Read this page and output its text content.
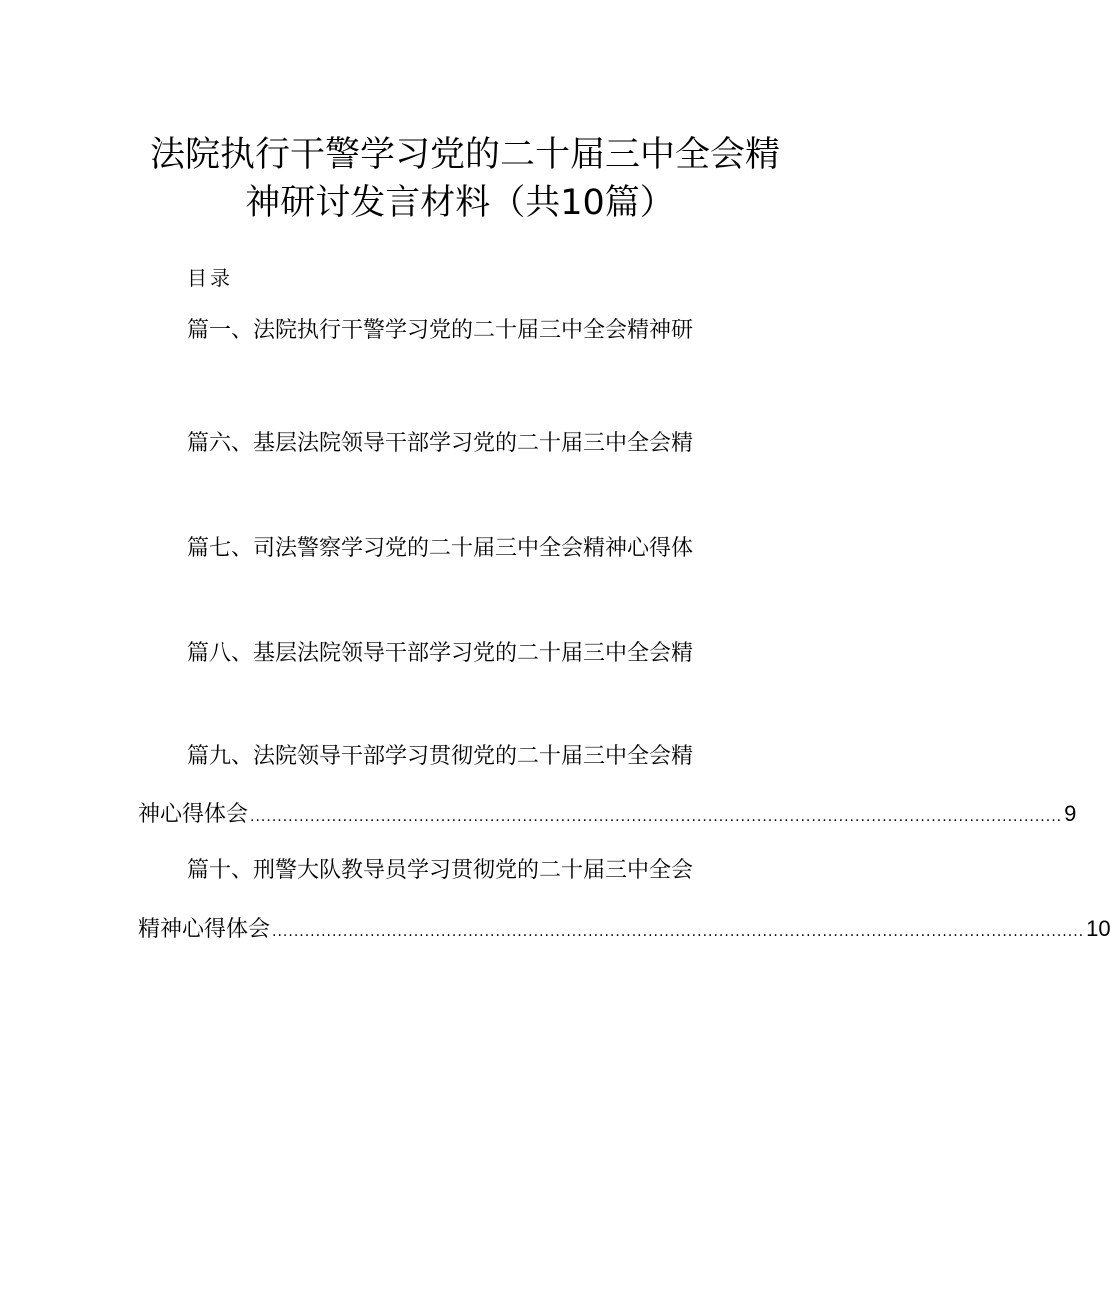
法院执行干警学习党的二十届三中全会精
神研讨发言材料（共10篇）
目录
篇一、法院执行干警学习党的二十届三中全会精神研
篇六、基层法院领导干部学习党的二十届三中全会精
篇七、司法警察学习党的二十届三中全会精神心得体
篇八、基层法院领导干部学习党的二十届三中全会精
篇九、法院领导干部学习贯彻党的二十届三中全会精
神心得体会 ..................................................................................................................................................... 9
篇十、刑警大队教导员学习贯彻党的二十届三中全会
精神心得体会 ..................................................................................................................................................... 10
